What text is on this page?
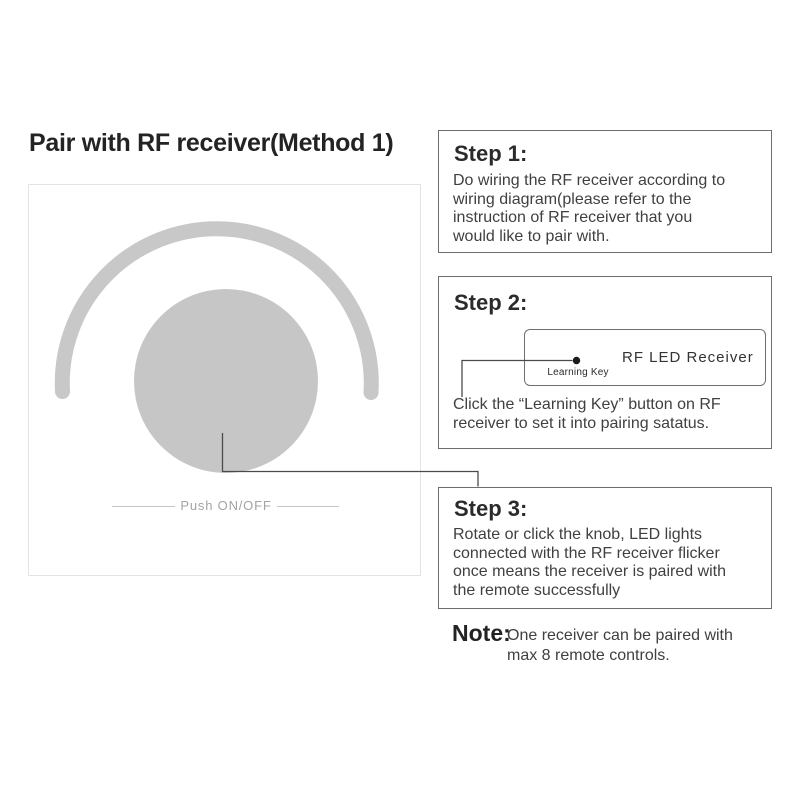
Pair with RF receiver(Method 1)
Push ON/OFF
Step 1:
Do wiring the RF receiver according to wiring diagram(please refer to the instruction of RF receiver that you would like to pair with.
Step 2:
Learning Key
RF LED Receiver
Click the “Learning Key” button on RF receiver to set it into pairing satatus.
Step 3:
Rotate or click the knob, LED lights connected with the RF receiver flicker once means the receiver is paired with the remote successfully
Note:
One receiver can be paired with max 8 remote controls.
